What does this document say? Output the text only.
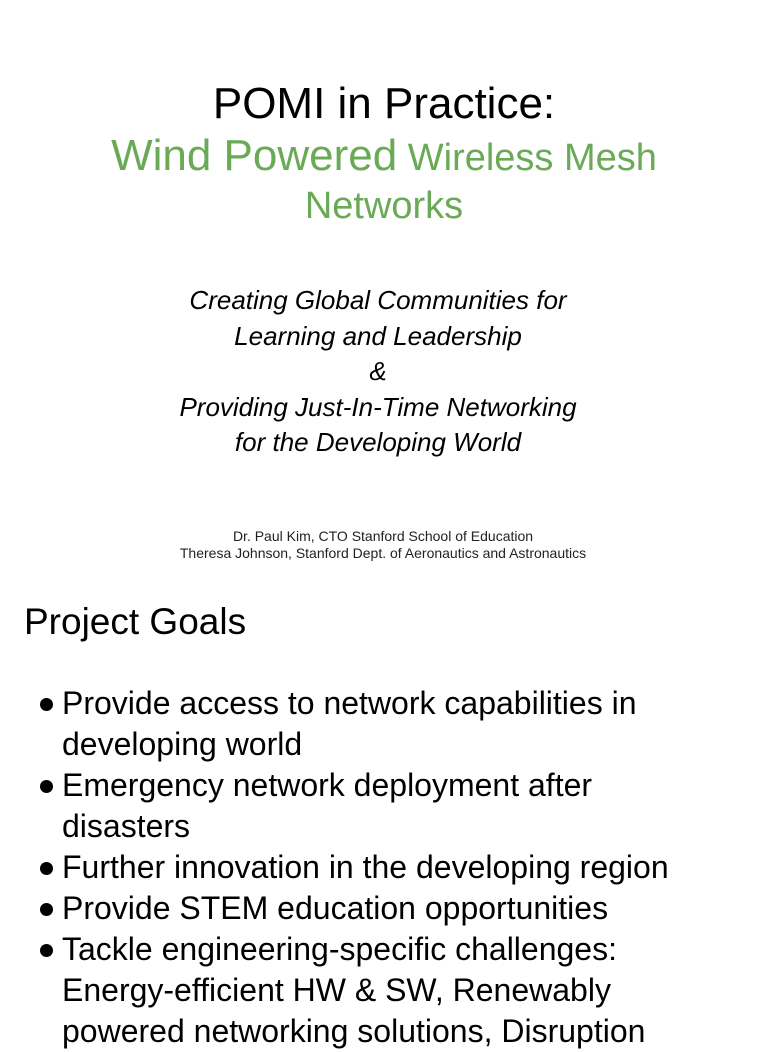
POMI in Practice:
Wind Powered Wireless Mesh
Networks
Creating Global Communities for
Learning and Leadership
&
Providing Just-In-Time Networking
for the Developing World
Dr. Paul Kim, CTO Stanford School of Education
Theresa Johnson, Stanford Dept. of Aeronautics and Astronautics
Project Goals
Provide access to network capabilities in
developing world
Emergency network deployment after
disasters
Further innovation in the developing region
Provide STEM education opportunities
Tackle engineering-specific challenges:
Energy-efficient HW & SW, Renewably
powered networking solutions, Disruption
